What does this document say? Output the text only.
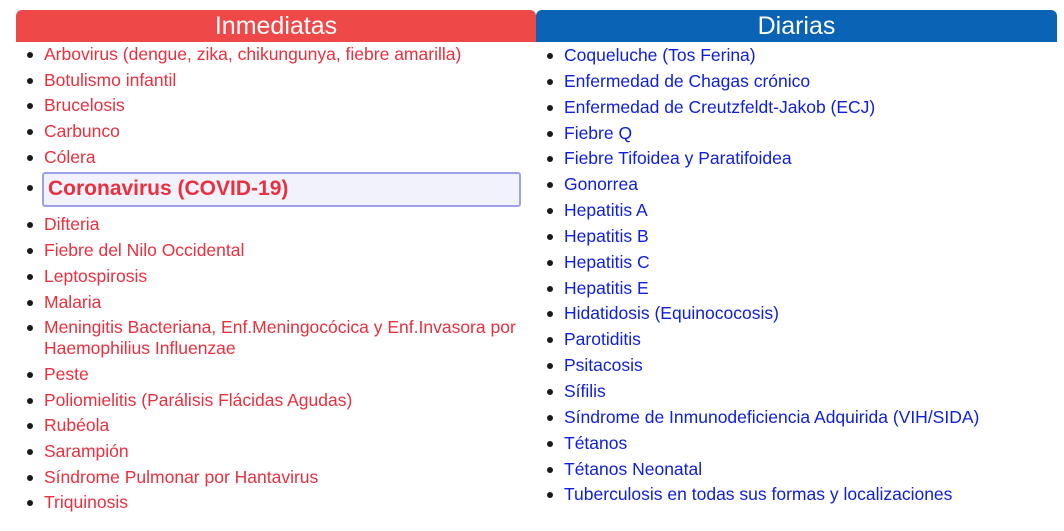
Inmediatas
Arbovirus (dengue, zika, chikungunya, fiebre amarilla)
Botulismo infantil
Brucelosis
Carbunco
Cólera
Coronavirus (COVID-19)
Difteria
Fiebre del Nilo Occidental
Leptospirosis
Malaria
Meningitis Bacteriana, Enf.Meningocócica y Enf.Invasora por Haemophilius Influenzae
Peste
Poliomielitis (Parálisis Flácidas Agudas)
Rubéola
Sarampión
Síndrome Pulmonar por Hantavirus
Triquinosis
Diarias
Coqueluche (Tos Ferina)
Enfermedad de Chagas crónico
Enfermedad de Creutzfeldt-Jakob (ECJ)
Fiebre Q
Fiebre Tifoidea y Paratifoidea
Gonorrea
Hepatitis A
Hepatitis B
Hepatitis C
Hepatitis E
Hidatidosis (Equinococosis)
Parotiditis
Psitacosis
Sífilis
Síndrome de Inmunodeficiencia Adquirida (VIH/SIDA)
Tétanos
Tétanos Neonatal
Tuberculosis en todas sus formas y localizaciones
